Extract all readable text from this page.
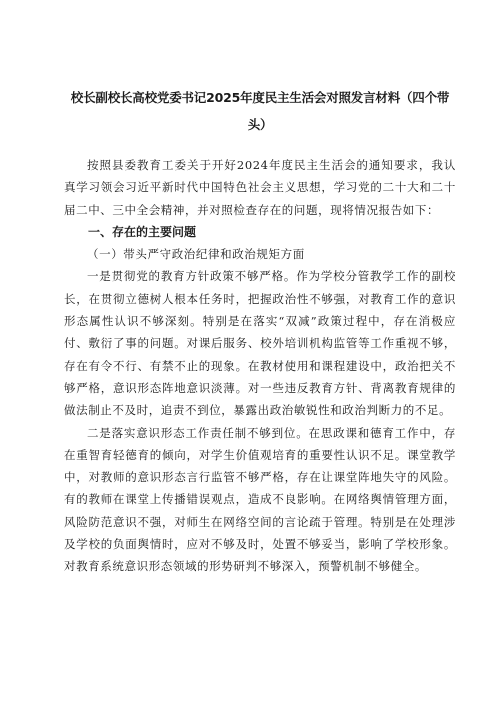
校长副校长高校党委书记2025年度民主生活会对照发言材料（四个带头）

按照县委教育工委关于开好2024年度民主生活会的通知要求，我认真学习领会习近平新时代中国特色社会主义思想，学习党的二十大和二十届二中、三中全会精神，并对照检查存在的问题，现将情况报告如下：

一、存在的主要问题
（一）带头严守政治纪律和政治规矩方面

一是贯彻党的教育方针政策不够严格。作为学校分管教学工作的副校长，在贯彻立德树人根本任务时，把握政治性不够强，对教育工作的意识形态属性认识不够深刻。特别是在落实“双减”政策过程中，存在消极应付、敷衍了事的问题。对课后服务、校外培训机构监管等工作重视不够，存在有令不行、有禁不止的现象。在教材使用和课程建设中，政治把关不够严格，意识形态阵地意识淡薄。对一些违反教育方针、背离教育规律的做法制止不及时，追责不到位，暴露出政治敏锐性和政治判断力的不足。

二是落实意识形态工作责任制不够到位。在思政课和德育工作中，存在重智育轻德育的倾向，对学生价值观培育的重要性认识不足。课堂教学中，对教师的意识形态言行监管不够严格，存在让课堂阵地失守的风险。有的教师在课堂上传播错误观点，造成不良影响。在网络舆情管理方面，风险防范意识不强，对师生在网络空间的言论疏于管理。特别是在处理涉及学校的负面舆情时，应对不够及时，处置不够妥当，影响了学校形象。对教育系统意识形态领域的形势研判不够深入，预警机制不够健全。
